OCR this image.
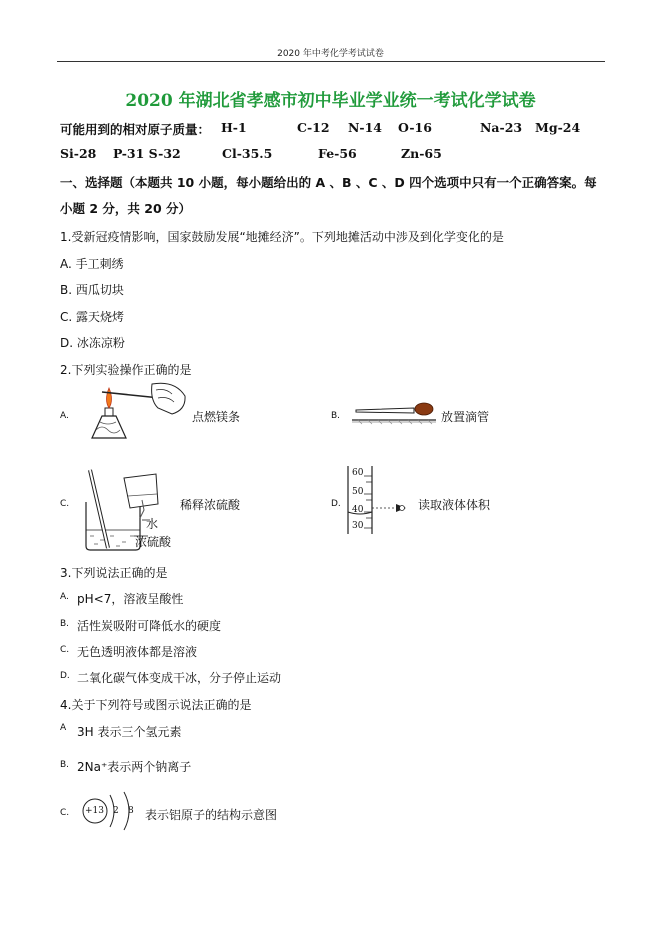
2020 年中考化学考试试卷
2020 年湖北省孝感市初中毕业学业统一考试化学试卷
可能用到的相对原子质量： H-1	C-12 N-14 O-16	Na-23 Mg-24
Si-28 P-31 S-32	Cl-35.5	Fe-56	Zn-65
一、选择题（本题共 10 小题，每小题给出的 A 、B 、C 、D 四个选项中只有一个正确答案。每
小题 2 分，共 20 分）
1.受新冠疫情影响，国家鼓励发展“地摊经济”。下列地摊活动中涉及到化学变化的是
A. 手工刺绣
B. 西瓜切块
C. 露天烧烤
D. 冰冻凉粉
2.下列实验操作正确的是
A.	点燃镁条	B.	放置滴管
C.	稀释浓硫酸
水
浓硫酸
D.
60
50
40
30
读取液体体积
3.下列说法正确的是
A. pH<7，溶液呈酸性
B. 活性炭吸附可降低水的硬度
C. 无色透明液体都是溶液
D. 二氧化碳气体变成干冰，分子停止运动
4.关于下列符号或图示说法正确的是
A 3H 表示三个氢元素
B. 2Na⁺表示两个钠离子
C. +13 2 8 表示铝原子的结构示意图
